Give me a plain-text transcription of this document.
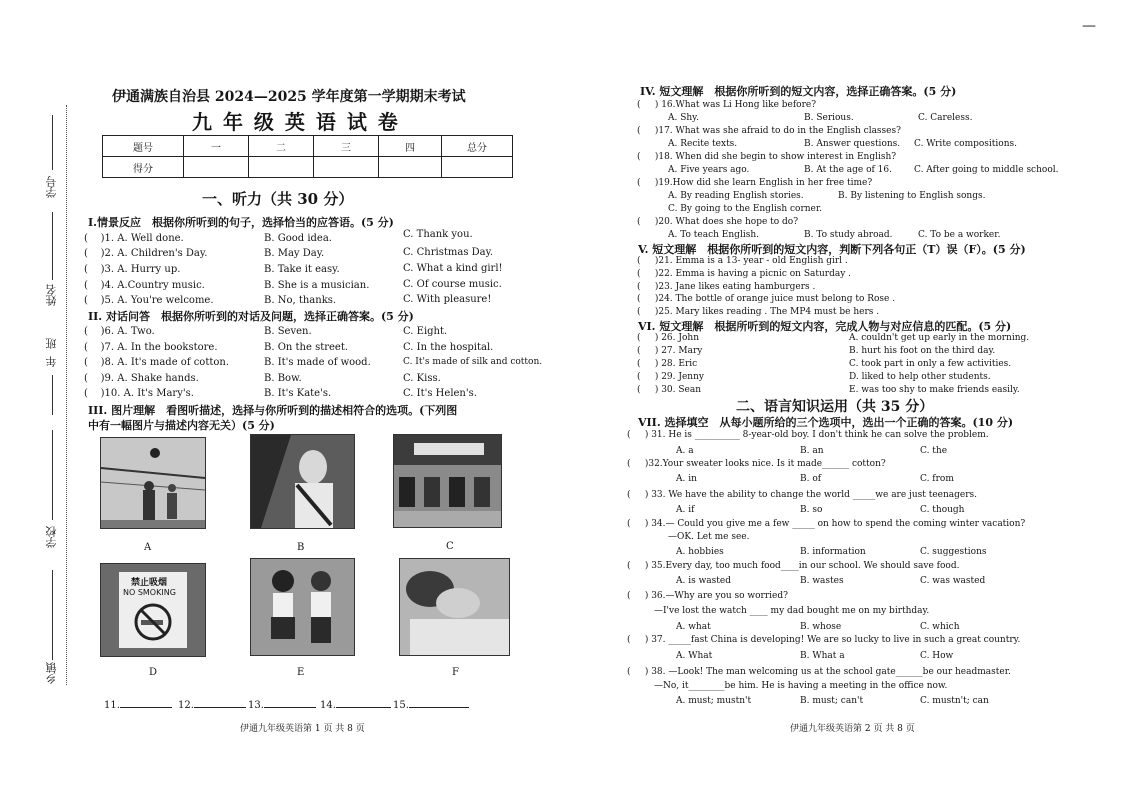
学号
姓名
班
年
学校
乡镇
—
伊通满族自治县 2024—2025 学年度第一学期期末考试
九 年 级 英 语 试 卷
题号	一	二	三	四	总分
得分					
一、听力（共 30 分）
I.情景反应　根据你所听到的句子，选择恰当的应答语。(5 分)
(    )1. A. Well done.	B. Good idea.	C. Thank you.
(    )2. A. Children's Day.	B. May Day.	C. Christmas Day.
(    )3. A. Hurry up.	B. Take it easy.	C. What a kind girl!
(    )4. A.Country music.	B. She is a musician.	C. Of course music.
(    )5. A. You're welcome.	B. No, thanks.	C. With pleasure!
II. 对话问答　根据你所听到的对话及问题，选择正确答案。(5 分)
(    )6. A. Two.	B. Seven.	C. Eight.
(    )7. A. In the bookstore.	B. On the street.	C. In the hospital.
(    )8. A. It's made of cotton.	B. It's made of wood.	C. It's made of silk and cotton.
(    )9. A. Shake hands.	B. Bow.	C. Kiss.
(    )10. A. It's Mary's.	B. It's Kate's.	C. It's Helen's.
III. 图片理解　看图听描述，选择与你所听到的描述相符合的选项。(下列图
中有一幅图片与描述内容无关）(5 分)
A	B	C
禁止吸烟
NO SMOKING
D	E	F
11.	12.	13.	14.	15.
伊通九年级英语第 1 页 共 8 页
IV. 短文理解　根据你所听到的短文内容，选择正确答案。(5 分)
(     ) 16.What was Li Hong like before?
A. Shy.	B. Serious.	C. Careless.
(     )17. What was she afraid to do in the English classes?
A. Recite texts.	B. Answer questions. C. Write compositions.
(     )18. When did she begin to show interest in English?
A. Five years ago.	B. At the age of 16. C. After going to middle school.
(     )19.How did she learn English in her free time?
A. By reading English stories.	B. By listening to English songs.
C. By going to the English corner.
(     )20. What does she hope to do?
A. To teach English.	B. To study abroad.	C. To be a worker.
V. 短文理解　根据你所听到的短文内容，判断下列各句正（T）误（F）。(5 分)
(     )21. Emma is a 13- year - old English girl .
(     )22. Emma is having a picnic on Saturday .
(     )23. Jane likes eating hamburgers .
(     )24. The bottle of orange juice must belong to Rose .
(     )25. Mary likes reading . The MP4 must be hers .
VI. 短文理解　根据所听到的短文内容，完成人物与对应信息的匹配。(5 分)
(     ) 26. John	A. couldn't get up early in the morning.
(     ) 27. Mary	B. hurt his foot on the third day.
(     ) 28. Eric	C. took part in only a few activities.
(     ) 29. Jenny	D. liked to help other students.
(     ) 30. Sean	E. was too shy to make friends easily.
二、语言知识运用（共 35 分）
VII. 选择填空　从每小题所给的三个选项中，选出一个正确的答案。(10 分)
(     ) 31. He is __________ 8-year-old boy. I don't think he can solve the problem.
A. a	B. an	C. the
(     )32.Your sweater looks nice. Is it made______ cotton?
A. in	B. of	C. from
(     ) 33. We have the ability to change the world _____we are just teenagers.
A. if	B. so	C. though
(     ) 34.— Could you give me a few _____ on how to spend the coming winter vacation?
—OK. Let me see.
A. hobbies	B. information	C. suggestions
(     ) 35.Every day, too much food____in our school. We should save food.
A. is wasted	B. wastes	C. was wasted
(     ) 36.—Why are you so worried?
—I've lost the watch ____ my dad bought me on my birthday.
A. what	B. whose	C. which
(     ) 37. _____fast China is developing! We are so lucky to live in such a great country.
A. What	B. What a	C. How
(     ) 38. —Look! The man welcoming us at the school gate______be our headmaster.
—No, it________be him. He is having a meeting in the office now.
A. must; mustn't	B. must; can't	C. mustn't; can
伊通九年级英语第 2 页 共 8 页
